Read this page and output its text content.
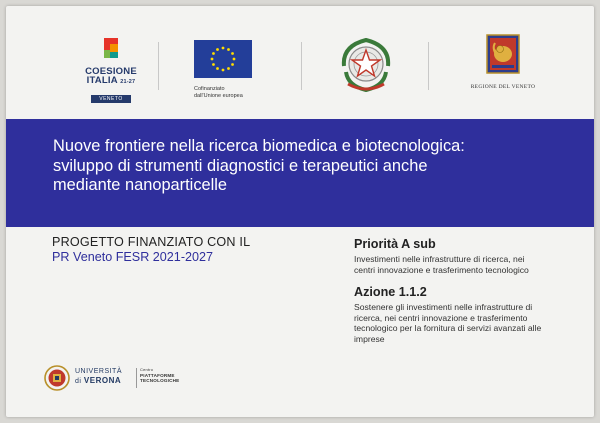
COESIONE
ITALIA 21-27
VENETO
Cofinanziato
dall'Unione europea
REGIONE DEL VENETO
Nuove frontiere nella ricerca biomedica e biotecnologica:
sviluppo di strumenti diagnostici e terapeutici anche
mediante nanoparticelle
PROGETTO FINANZIATO CON IL
PR Veneto FESR 2021-2027
Priorità A sub
Investimenti nelle infrastrutture di ricerca, nei
centri innovazione e trasferimento tecnologico
Azione 1.1.2
Sostenere gli investimenti nelle infrastrutture di
ricerca, nei centri innovazione e trasferimento
tecnologico per la fornitura di servizi avanzati alle
imprese
UNIVERSITÀ
di VERONA
Centro
PIATTAFORME
TECNOLOGICHE
